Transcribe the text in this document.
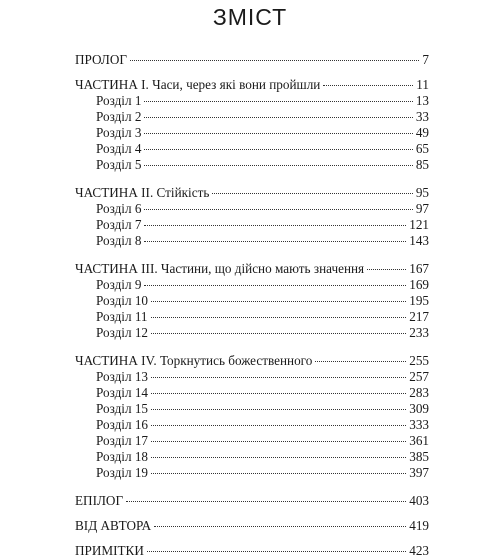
ЗМІСТ
ПРОЛОГ	7
ЧАСТИНА I. Часи, через які вони пройшли	11
Розділ 1	13
Розділ 2	33
Розділ 3	49
Розділ 4	65
Розділ 5	85
ЧАСТИНА II. Стійкість	95
Розділ 6	97
Розділ 7	121
Розділ 8	143
ЧАСТИНА III. Частини, що дійсно мають значення	167
Розділ 9	169
Розділ 10	195
Розділ 11	217
Розділ 12	233
ЧАСТИНА IV. Торкнутись божественного	255
Розділ 13	257
Розділ 14	283
Розділ 15	309
Розділ 16	333
Розділ 17	361
Розділ 18	385
Розділ 19	397
ЕПІЛОГ	403
ВІД АВТОРА	419
ПРИМІТКИ	423
